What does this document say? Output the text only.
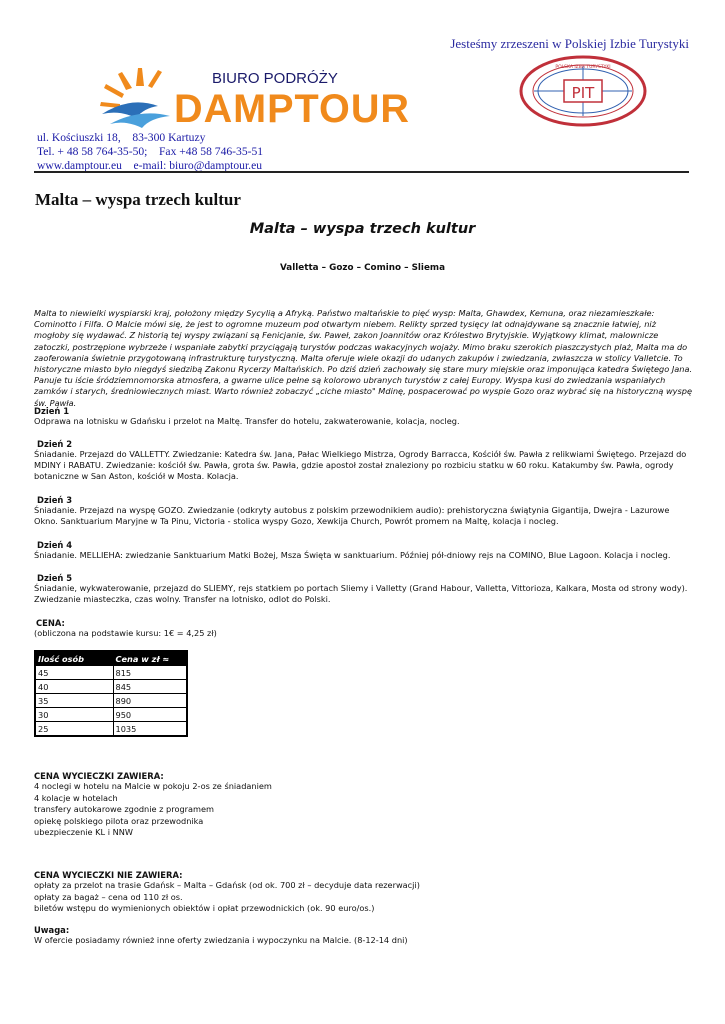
Jesteśmy zrzeszeni w Polskiej Izbie Turystyki
BIURO PODRÓŻY
DAMPTOUR	PIT
POLSKA IZBA TURYSTYKI
ul. Kościuszki 18,    83-300 Kartuzy
Tel. + 48 58 764-35-50;    Fax +48 58 746-35-51
www.damptour.eu    e-mail: biuro@damptour.eu
Malta – wyspa trzech kultur
Malta – wyspa trzech kultur
Valletta – Gozo – Comino – Sliema
Malta to niewielki wyspiarski kraj, położony między Sycylią a Afryką. Państwo maltańskie to pięć wysp: Malta, Ghawdex, Kemuna, oraz niezamieszkałe: Cominotto i Filfa. O Malcie mówi się, że jest to ogromne muzeum pod otwartym niebem. Relikty sprzed tysięcy lat odnajdywane są znacznie łatwiej, niż mogłoby się wydawać. Z historią tej wyspy związani są Fenicjanie, św. Paweł, zakon Joannitów oraz Królestwo Brytyjskie. Wyjątkowy klimat, malownicze zatoczki, postrzępione wybrzeże i wspaniałe zabytki przyciągają turystów podczas wakacyjnych wojaży. Mimo braku szerokich piaszczystych plaż, Malta ma do zaoferowania świetnie przygotowaną infrastrukturę turystyczną. Malta oferuje wiele okazji do udanych zakupów i zwiedzania, zwłaszcza w stolicy Valletcie. To historyczne miasto było niegdyś siedzibą Zakonu Rycerzy Maltańskich. Po dziś dzień zachowały się stare mury miejskie oraz imponująca katedra Świętego Jana. Panuje tu iście śródziemnomorska atmosfera, a gwarne ulice pełne są kolorowo ubranych turystów z całej Europy. Wyspa kusi do zwiedzania wspaniałych zamków i starych, średniowiecznych miast. Warto również zobaczyć „ciche miasto" Mdinę, pospacerować po wyspie Gozo oraz wybrać się na historyczną wyspę św. Pawła.
Dzień 1
Odprawa na lotnisku w Gdańsku i przelot na Maltę. Transfer do hotelu, zakwaterowanie, kolacja, nocleg.
Dzień 2
Śniadanie. Przejazd do VALLETTY. Zwiedzanie: Katedra św. Jana, Pałac Wielkiego Mistrza, Ogrody Barracca, Kościół św. Pawła z relikwiami Świętego. Przejazd do MDINY i RABATU. Zwiedzanie: kościół św. Pawła, grota św. Pawła, gdzie apostoł został znaleziony po rozbiciu statku w 60 roku. Katakumby św. Pawła, ogrody botaniczne w San Aston, kościół w Mosta. Kolacja.
Dzień 3
Śniadanie. Przejazd na wyspę GOZO. Zwiedzanie (odkryty autobus z polskim przewodnikiem audio): prehistoryczna świątynia Gigantija, Dwejra - Lazurowe Okno. Sanktuarium Maryjne w Ta Pinu, Victoria - stolica wyspy Gozo, Xewkija Church, Powrót promem na Maltę, kolacja i nocleg.
Dzień 4
Śniadanie. MELLIEHA: zwiedzanie Sanktuarium Matki Bożej, Msza Święta w sanktuarium. Później pół-dniowy rejs na COMINO, Blue Lagoon. Kolacja i nocleg.
Dzień 5
Śniadanie, wykwaterowanie, przejazd do SLIEMY, rejs statkiem po portach Sliemy i Valletty (Grand Habour, Valletta, Vittorioza, Kalkara, Mosta od strony wody). Zwiedzanie miasteczka, czas wolny. Transfer na lotnisko, odlot do Polski.
CENA:
(obliczona na podstawie kursu: 1€ = 4,25 zł)
Ilość osób	Cena w zł ≈
45	815
40	845
35	890
30	950
25	1035
CENA WYCIECZKI ZAWIERA:
4 noclegi w hotelu na Malcie w pokoju 2-os ze śniadaniem
4 kolacje w hotelach
transfery autokarowe zgodnie z programem
opiekę polskiego pilota oraz przewodnika
ubezpieczenie KL i NNW
CENA WYCIECZKI NIE ZAWIERA:
opłaty za przelot na trasie Gdańsk – Malta – Gdańsk (od ok. 700 zł – decyduje data rezerwacji)
opłaty za bagaż – cena od 110 zł os.
biletów wstępu do wymienionych obiektów i opłat przewodnickich (ok. 90 euro/os.)
Uwaga:
W ofercie posiadamy również inne oferty zwiedzania i wypoczynku na Malcie. (8-12-14 dni)
